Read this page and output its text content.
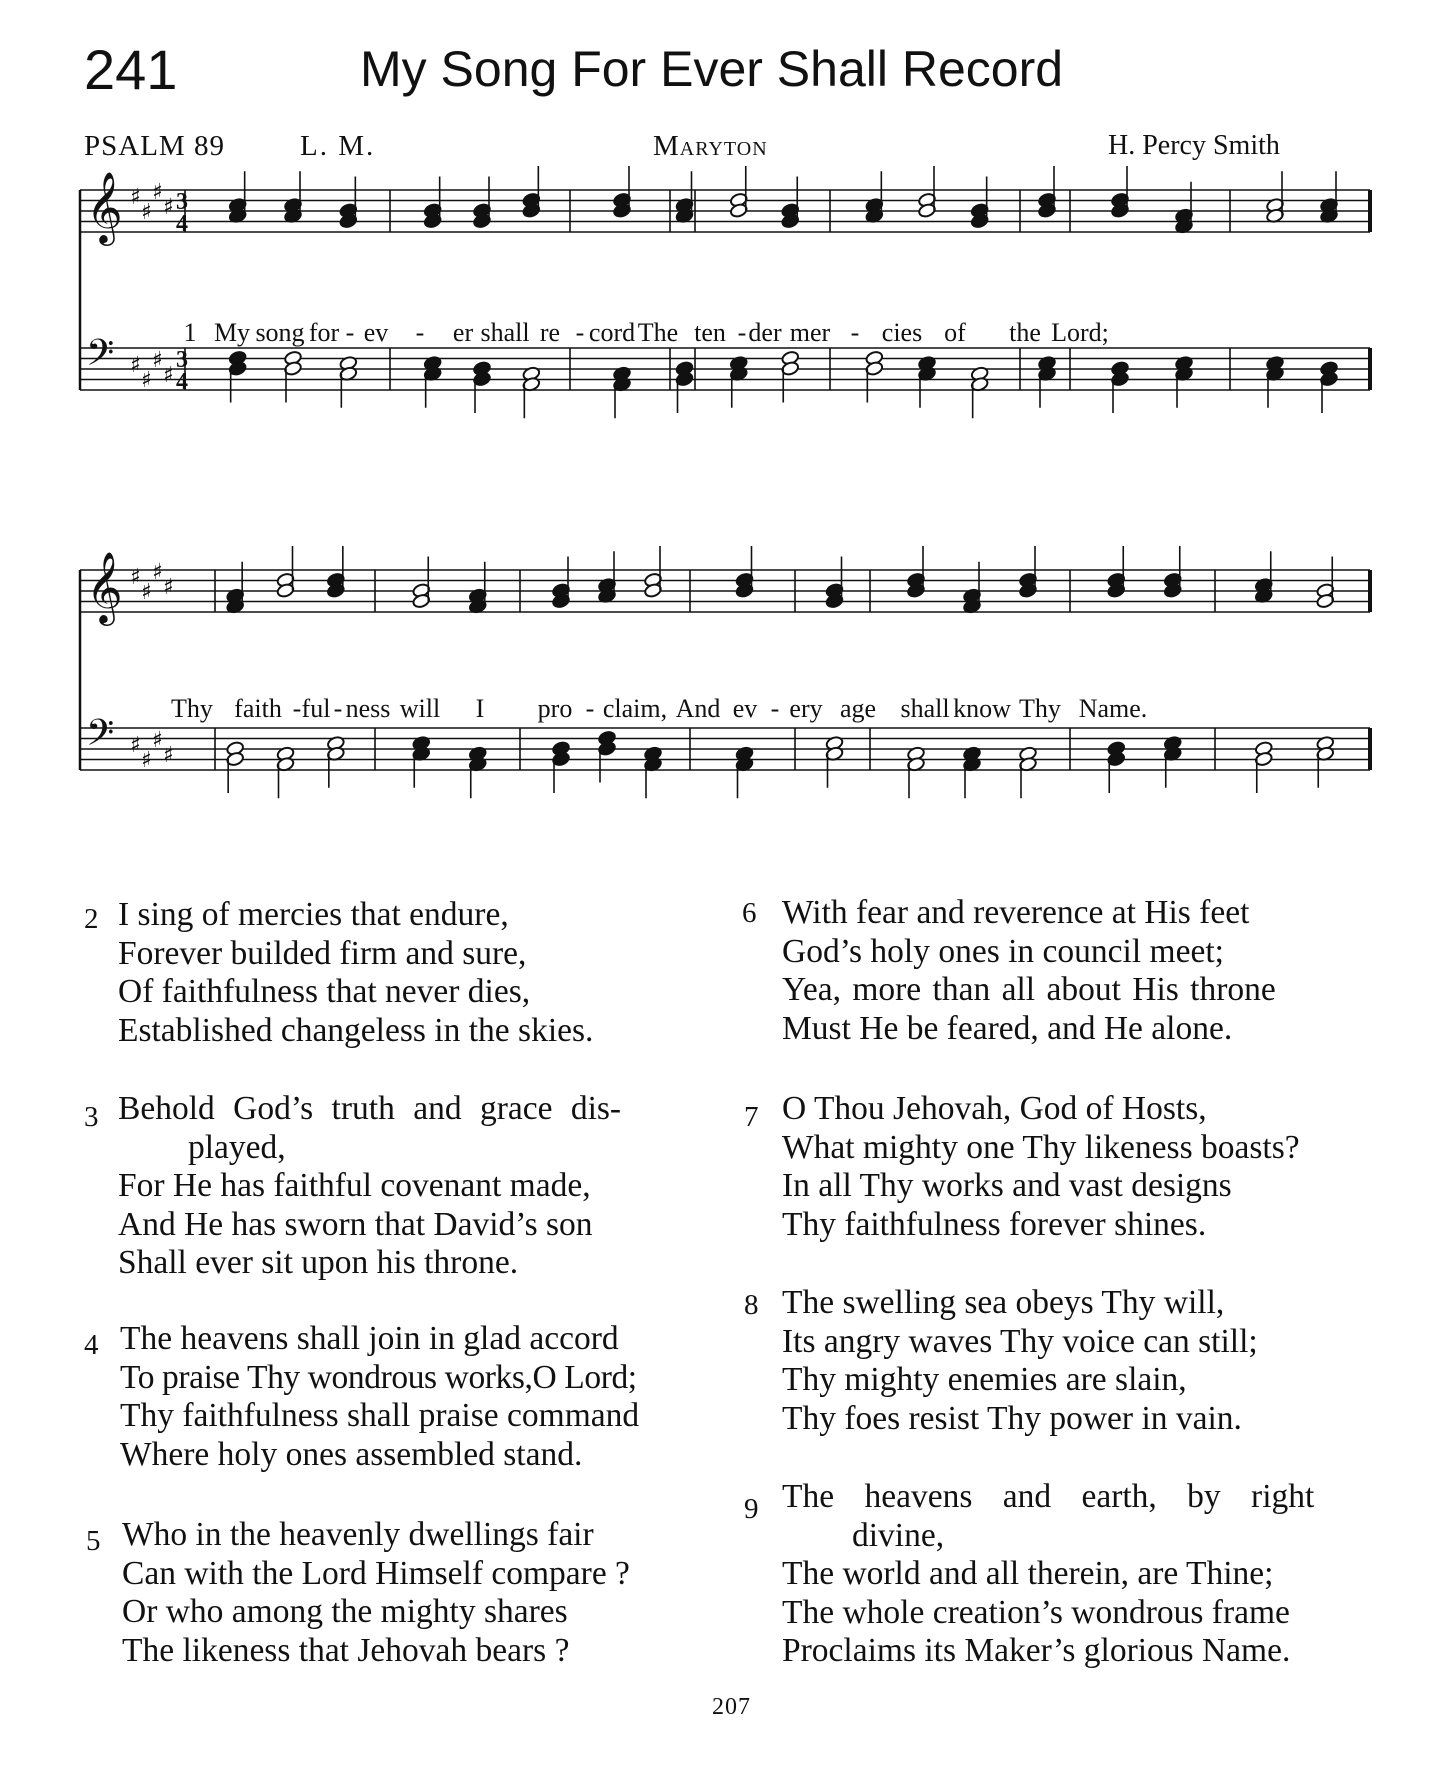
241	My Song For Ever Shall Record
PSALM 89	L. M.	Maryton	H. Percy Smith
𝄞 ♯
♯
♯
♯ 3
4
𝄢 ♯
♯
♯
♯
3
4
1 My song for - ev - er shall re - cord The ten - der mer - cies of the Lord;
𝄞 ♯
♯
♯
♯
𝄢 ♯
♯
♯
♯
Thy faith - ful - ness will I pro - claim, And ev - ery age shall know Thy Name.
2 I sing of mercies that endure,
Forever builded firm and sure,
Of faithfulness that never dies,
Established changeless in the skies.
3 Behold God’s truth and grace dis-
played,
For He has faithful covenant made,
And He has sworn that David’s son
Shall ever sit upon his throne.
4 The heavens shall join in glad accord
To praise Thy wondrous works,O Lord;
Thy faithfulness shall praise command
Where holy ones assembled stand.
5 Who in the heavenly dwellings fair
Can with the Lord Himself compare ?
Or who among the mighty shares
The likeness that Jehovah bears ?
6 With fear and reverence at His feet
God’s holy ones in council meet;
Yea, more than all about His throne
Must He be feared, and He alone.
7 O Thou Jehovah, God of Hosts,
What mighty one Thy likeness boasts?
In all Thy works and vast designs
Thy faithfulness forever shines.
8 The swelling sea obeys Thy will,
Its angry waves Thy voice can still;
Thy mighty enemies are slain,
Thy foes resist Thy power in vain.
9 The heavens and earth, by right
divine,
The world and all therein, are Thine;
The whole creation’s wondrous frame
Proclaims its Maker’s glorious Name.
207
